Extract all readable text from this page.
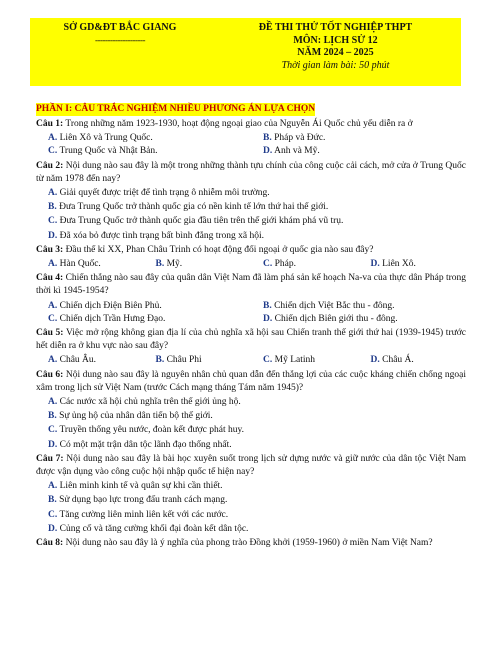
SỞ GD&ĐT BẮC GIANG
--------------------
ĐỀ THI THỬ TỐT NGHIỆP THPT
MÔN: LỊCH SỬ 12
NĂM 2024 – 2025
Thời gian làm bài: 50 phút
PHẦN I: CÂU TRẮC NGHIỆM NHIỀU PHƯƠNG ÁN LỰA CHỌN
Câu 1: Trong những năm 1923-1930, hoạt động ngoại giao của Nguyễn Ái Quốc chủ yếu diễn ra ở
A. Liên Xô và Trung Quốc.	B. Pháp và Đức.
C. Trung Quốc và Nhật Bản.	D. Anh và Mỹ.
Câu 2: Nội dung nào sau đây là một trong những thành tựu chính của công cuộc cải cách, mở cửa ở Trung Quốc từ năm 1978 đến nay?
A. Giải quyết được triệt để tình trạng ô nhiễm môi trường.
B. Đưa Trung Quốc trở thành quốc gia có nền kinh tế lớn thứ hai thế giới.
C. Đưa Trung Quốc trở thành quốc gia đầu tiên trên thế giới khám phá vũ trụ.
D. Đã xóa bỏ được tình trạng bất bình đẳng trong xã hội.
Câu 3: Đầu thế kỉ XX, Phan Châu Trinh có hoạt động đối ngoại ở quốc gia nào sau đây?
A. Hàn Quốc.	B. Mỹ.	C. Pháp.	D. Liên Xô.
Câu 4: Chiến thắng nào sau đây của quân dân Việt Nam đã làm phá sản kế hoạch Na-va của thực dân Pháp trong thời kì 1945-1954?
A. Chiến dịch Điện Biên Phủ.	B. Chiến dịch Việt Bắc thu - đông.
C. Chiến dịch Trần Hưng Đạo.	D. Chiến dịch Biên giới thu - đông.
Câu 5: Việc mở rộng không gian địa lí của chủ nghĩa xã hội sau Chiến tranh thế giới thứ hai (1939-1945) trước hết diễn ra ở khu vực nào sau đây?
A. Châu Âu.	B. Châu Phi	C. Mỹ Latinh	D. Châu Á.
Câu 6: Nội dung nào sau đây là nguyên nhân chủ quan dẫn đến thắng lợi của các cuộc kháng chiến chống ngoại xâm trong lịch sử Việt Nam (trước Cách mạng tháng Tám năm 1945)?
A. Các nước xã hội chủ nghĩa trên thế giới ủng hộ.
B. Sự ủng hộ của nhân dân tiến bộ thế giới.
C. Truyền thống yêu nước, đoàn kết được phát huy.
D. Có một mặt trận dân tộc lãnh đạo thống nhất.
Câu 7: Nội dung nào sau đây là bài học xuyên suốt trong lịch sử dựng nước và giữ nước của dân tộc Việt Nam được vận dụng vào công cuộc hội nhập quốc tế hiện nay?
A. Liên minh kinh tế và quân sự khi cần thiết.
B. Sử dụng bạo lực trong đấu tranh cách mạng.
C. Tăng cường liên minh liên kết với các nước.
D. Củng cố và tăng cường khối đại đoàn kết dân tộc.
Câu 8: Nội dung nào sau đây là ý nghĩa của phong trào Đồng khởi (1959-1960) ở miền Nam Việt Nam?
